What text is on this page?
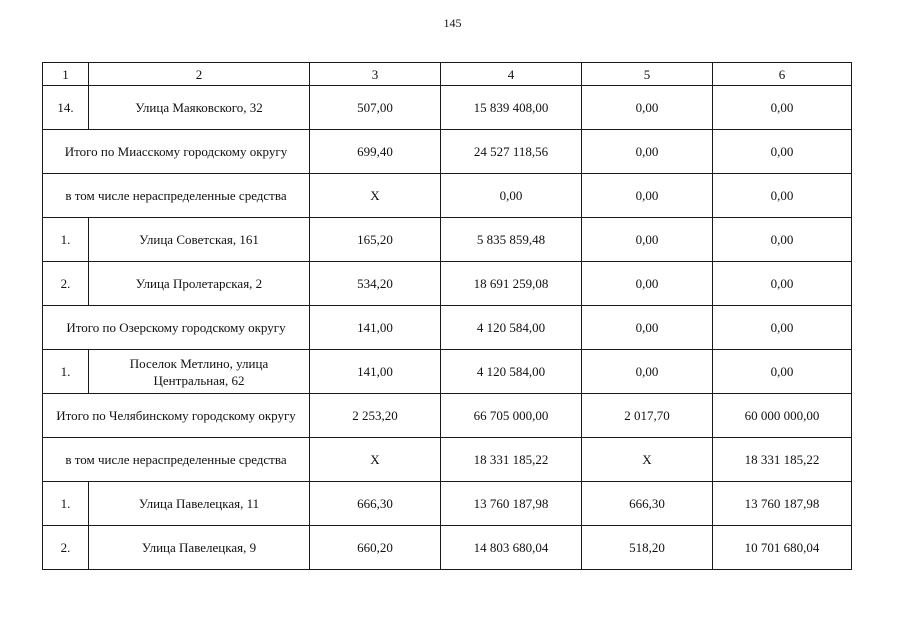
145
1	2	3	4	5	6
14.	Улица Маяковского, 32	507,00	15 839 408,00	0,00	0,00
Итого по Миасскому городскому округу		699,40	24 527 118,56	0,00	0,00
в том числе нераспределенные средства		Х	0,00	0,00	0,00
1.	Улица Советская, 161	165,20	5 835 859,48	0,00	0,00
2.	Улица Пролетарская, 2	534,20	18 691 259,08	0,00	0,00
Итого по Озерскому городскому округу		141,00	4 120 584,00	0,00	0,00
1.	Поселок Метлино, улица Центральная, 62	141,00	4 120 584,00	0,00	0,00
Итого по Челябинскому городскому округу		2 253,20	66 705 000,00	2 017,70	60 000 000,00
в том числе нераспределенные средства		Х	18 331 185,22	Х	18 331 185,22
1.	Улица Павелецкая, 11	666,30	13 760 187,98	666,30	13 760 187,98
2.	Улица Павелецкая, 9	660,20	14 803 680,04	518,20	10 701 680,04
